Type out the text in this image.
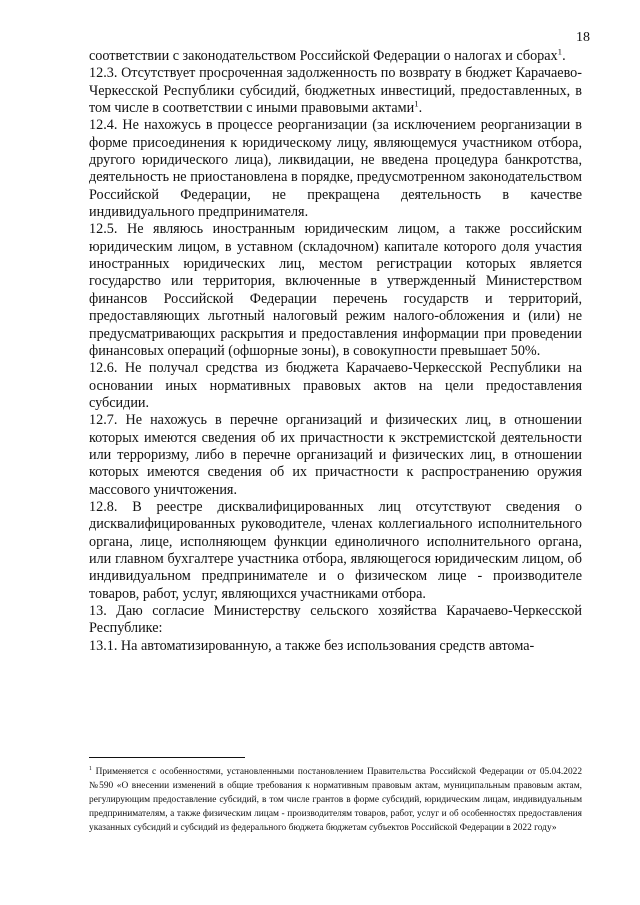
18

соответствии с законодательством Российской Федерации о налогах и сборах$^1$.

12.3. Отсутствует просроченная задолженность по возврату в бюджет Карачаево-Черкесской Республики субсидий, бюджетных инвестиций, предоставленных, в том числе в соответствии с иными правовыми актами$^1$.

12.4. Не нахожусь в процессе реорганизации (за исключением реорганизации в форме присоединения к юридическому лицу, являющемуся участником отбора, другого юридического лица), ликвидации, не введена процедура банкротства, деятельность не приостановлена в порядке, предусмотренном законодательством Российской Федерации, не прекращена деятельность в качестве индивидуального предпринимателя.

12.5. Не являюсь иностранным юридическим лицом, а также российским юридическим лицом, в уставном (складочном) капитале которого доля участия иностранных юридических лиц, местом регистрации которых является государство или территория, включенные в утвержденный Министерством финансов Российской Федерации перечень государств и территорий, предоставляющих льготный налоговый режим налого-обложения и (или) не предусматривающих раскрытия и предоставления информации при проведении финансовых операций (офшорные зоны), в совокупности превышает 50%.

12.6. Не получал средства из бюджета Карачаево-Черкесской Республики на основании иных нормативных правовых актов на цели предоставления субсидии.

12.7. Не нахожусь в перечне организаций и физических лиц, в отношении которых имеются сведения об их причастности к экстремистской деятельности или терроризму, либо в перечне организаций и физических лиц, в отношении которых имеются сведения об их причастности к распространению оружия массового уничтожения.

12.8. В реестре дисквалифицированных лиц отсутствуют сведения о дисквалифицированных руководителе, членах коллегиального исполнительного органа, лице, исполняющем функции единоличного исполнительного органа, или главном бухгалтере участника отбора, являющегося юридическим лицом, об индивидуальном предпринимателе и о физическом лице - производителе товаров, работ, услуг, являющихся участниками отбора.

13. Даю согласие Министерству сельского хозяйства Карачаево-Черкесской Республике:

13.1. На автоматизированную, а также без использования средств автома-

$^1$ Применяется с особенностями, установленными постановлением Правительства Российской Федерации от 05.04.2022 №590 «О внесении изменений в общие требования к нормативным правовым актам, муниципальным правовым актам, регулирующим предоставление субсидий, в том числе грантов в форме субсидий, юридическим лицам, индивидуальным предпринимателям, а также физическим лицам - производителям товаров, работ, услуг и об особенностях предоставления указанных субсидий и субсидий из федерального бюджета бюджетам субъектов Российской Федерации в 2022 году»
